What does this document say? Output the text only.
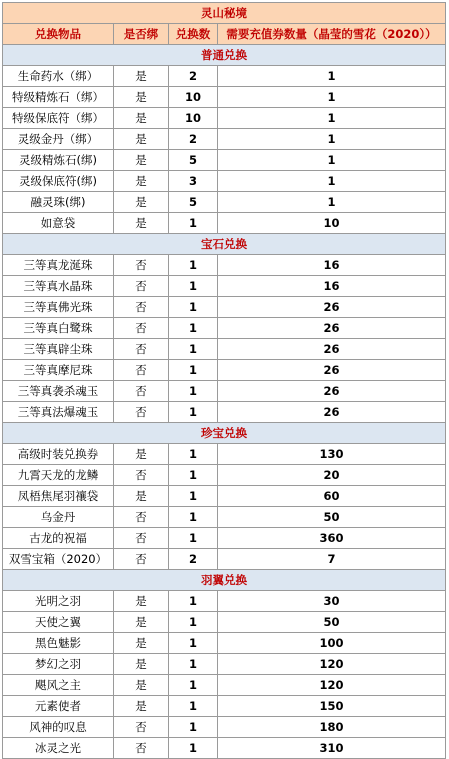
灵山秘境			
兑换物品	是否绑	兑换数	需要充值券数量（晶莹的雪花（2020））
普通兑换			
生命药水（绑）	是	2	1
特级精炼石（绑）	是	10	1
特级保底符（绑）	是	10	1
灵级金丹（绑）	是	2	1
灵级精炼石(绑)	是	5	1
灵级保底符(绑)	是	3	1
融灵珠(绑)	是	5	1
如意袋	是	1	10
宝石兑换			
三等真龙涎珠	否	1	16
三等真水晶珠	否	1	16
三等真佛光珠	否	1	26
三等真白鹭珠	否	1	26
三等真辟尘珠	否	1	26
三等真摩尼珠	否	1	26
三等真袭杀魂玉	否	1	26
三等真法爆魂玉	否	1	26
珍宝兑换			
高级时装兑换券	是	1	130
九霄天龙的龙鳞	否	1	20
凤梧焦尾羽禳袋	是	1	60
乌金丹	否	1	50
古龙的祝福	否	1	360
双雪宝箱（2020）	否	2	7
羽翼兑换			
光明之羽	是	1	30
天使之翼	是	1	50
黑色魅影	是	1	100
梦幻之羽	是	1	120
飓风之主	是	1	120
元素使者	是	1	150
风神的叹息	否	1	180
冰灵之光	否	1	310
